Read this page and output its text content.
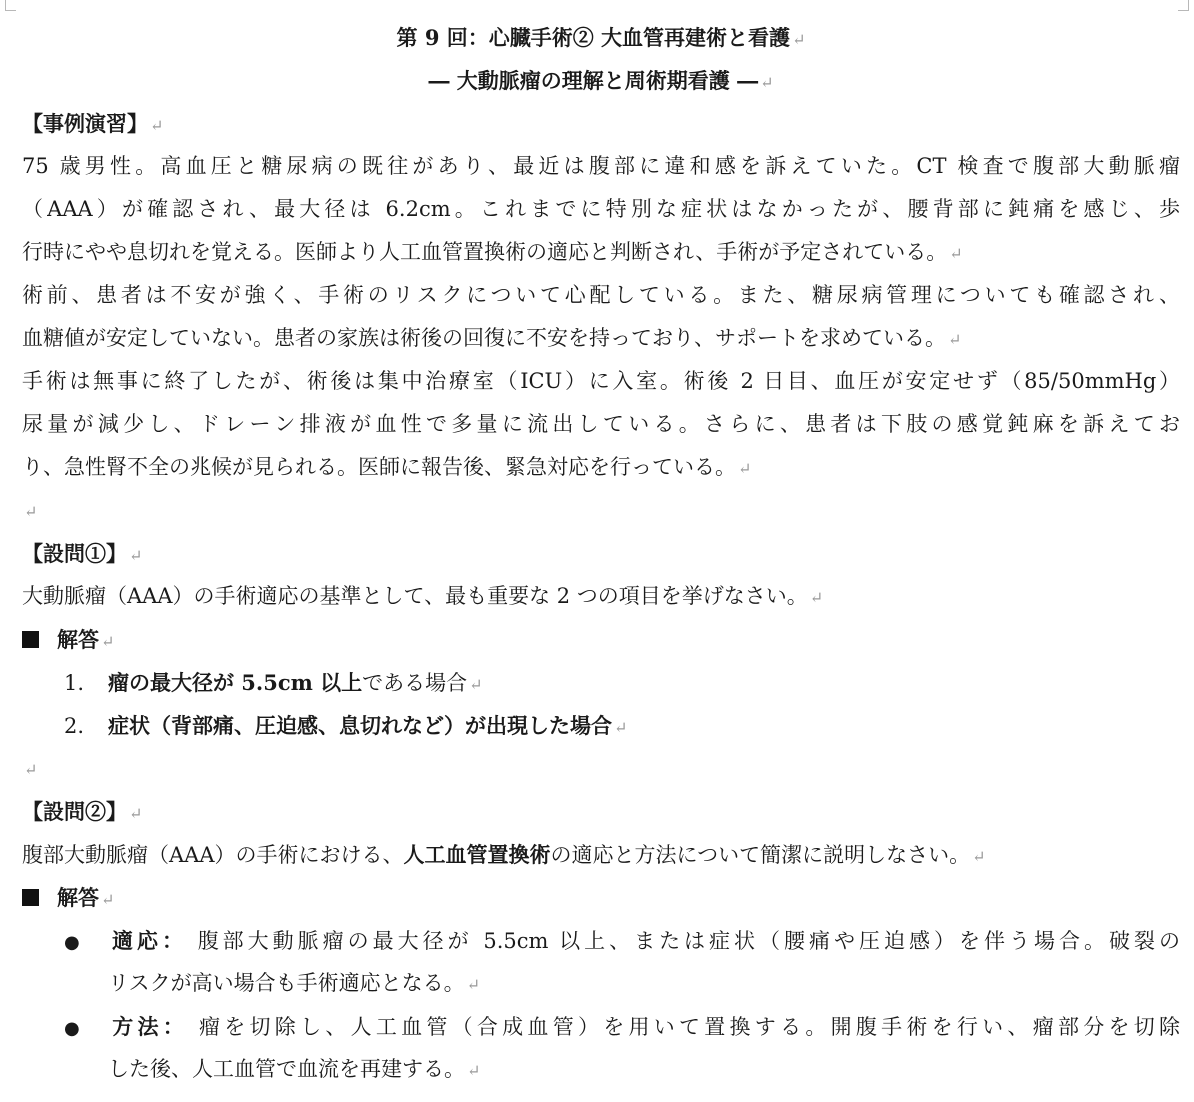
第 9 回：心臓手術② 大血管再建術と看護 ↵
― 大動脈瘤の理解と周術期看護 ― ↵
【事例演習】 ↵
75 歳男性。高血圧と糖尿病の既往があり、最近は腹部に違和感を訴えていた。CT 検査で腹部大動脈瘤
（AAA）が確認され、最大径は 6.2cm。これまでに特別な症状はなかったが、腰背部に鈍痛を感じ、歩
行時にやや息切れを覚える。医師より人工血管置換術の適応と判断され、手術が予定されている。 ↵
術前、患者は不安が強く、手術のリスクについて心配している。また、糖尿病管理についても確認され、
血糖値が安定していない。患者の家族は術後の回復に不安を持っており、サポートを求めている。 ↵
手術は無事に終了したが、術後は集中治療室（ICU）に入室。術後 2 日目、血圧が安定せず（85/50mmHg）
尿量が減少し、ドレーン排液が血性で多量に流出している。さらに、患者は下肢の感覚鈍麻を訴えてお
り、急性腎不全の兆候が見られる。医師に報告後、緊急対応を行っている。 ↵
↵
【設問①】 ↵
大動脈瘤（AAA）の手術適応の基準として、最も重要な 2 つの項目を挙げなさい。 ↵
解答 ↵
1. 瘤の最大径が 5.5cm 以上である場合 ↵
2. 症状（背部痛、圧迫感、息切れなど）が出現した場合 ↵
↵
【設問②】 ↵
腹部大動脈瘤（AAA）の手術における、人工血管置換術の適応と方法について簡潔に説明しなさい。 ↵
解答 ↵
● 適応： 腹部大動脈瘤の最大径が 5.5cm 以上、または症状（腰痛や圧迫感）を伴う場合。破裂の
リスクが高い場合も手術適応となる。 ↵
● 方法： 瘤を切除し、人工血管（合成血管）を用いて置換する。開腹手術を行い、瘤部分を切除
した後、人工血管で血流を再建する。 ↵
